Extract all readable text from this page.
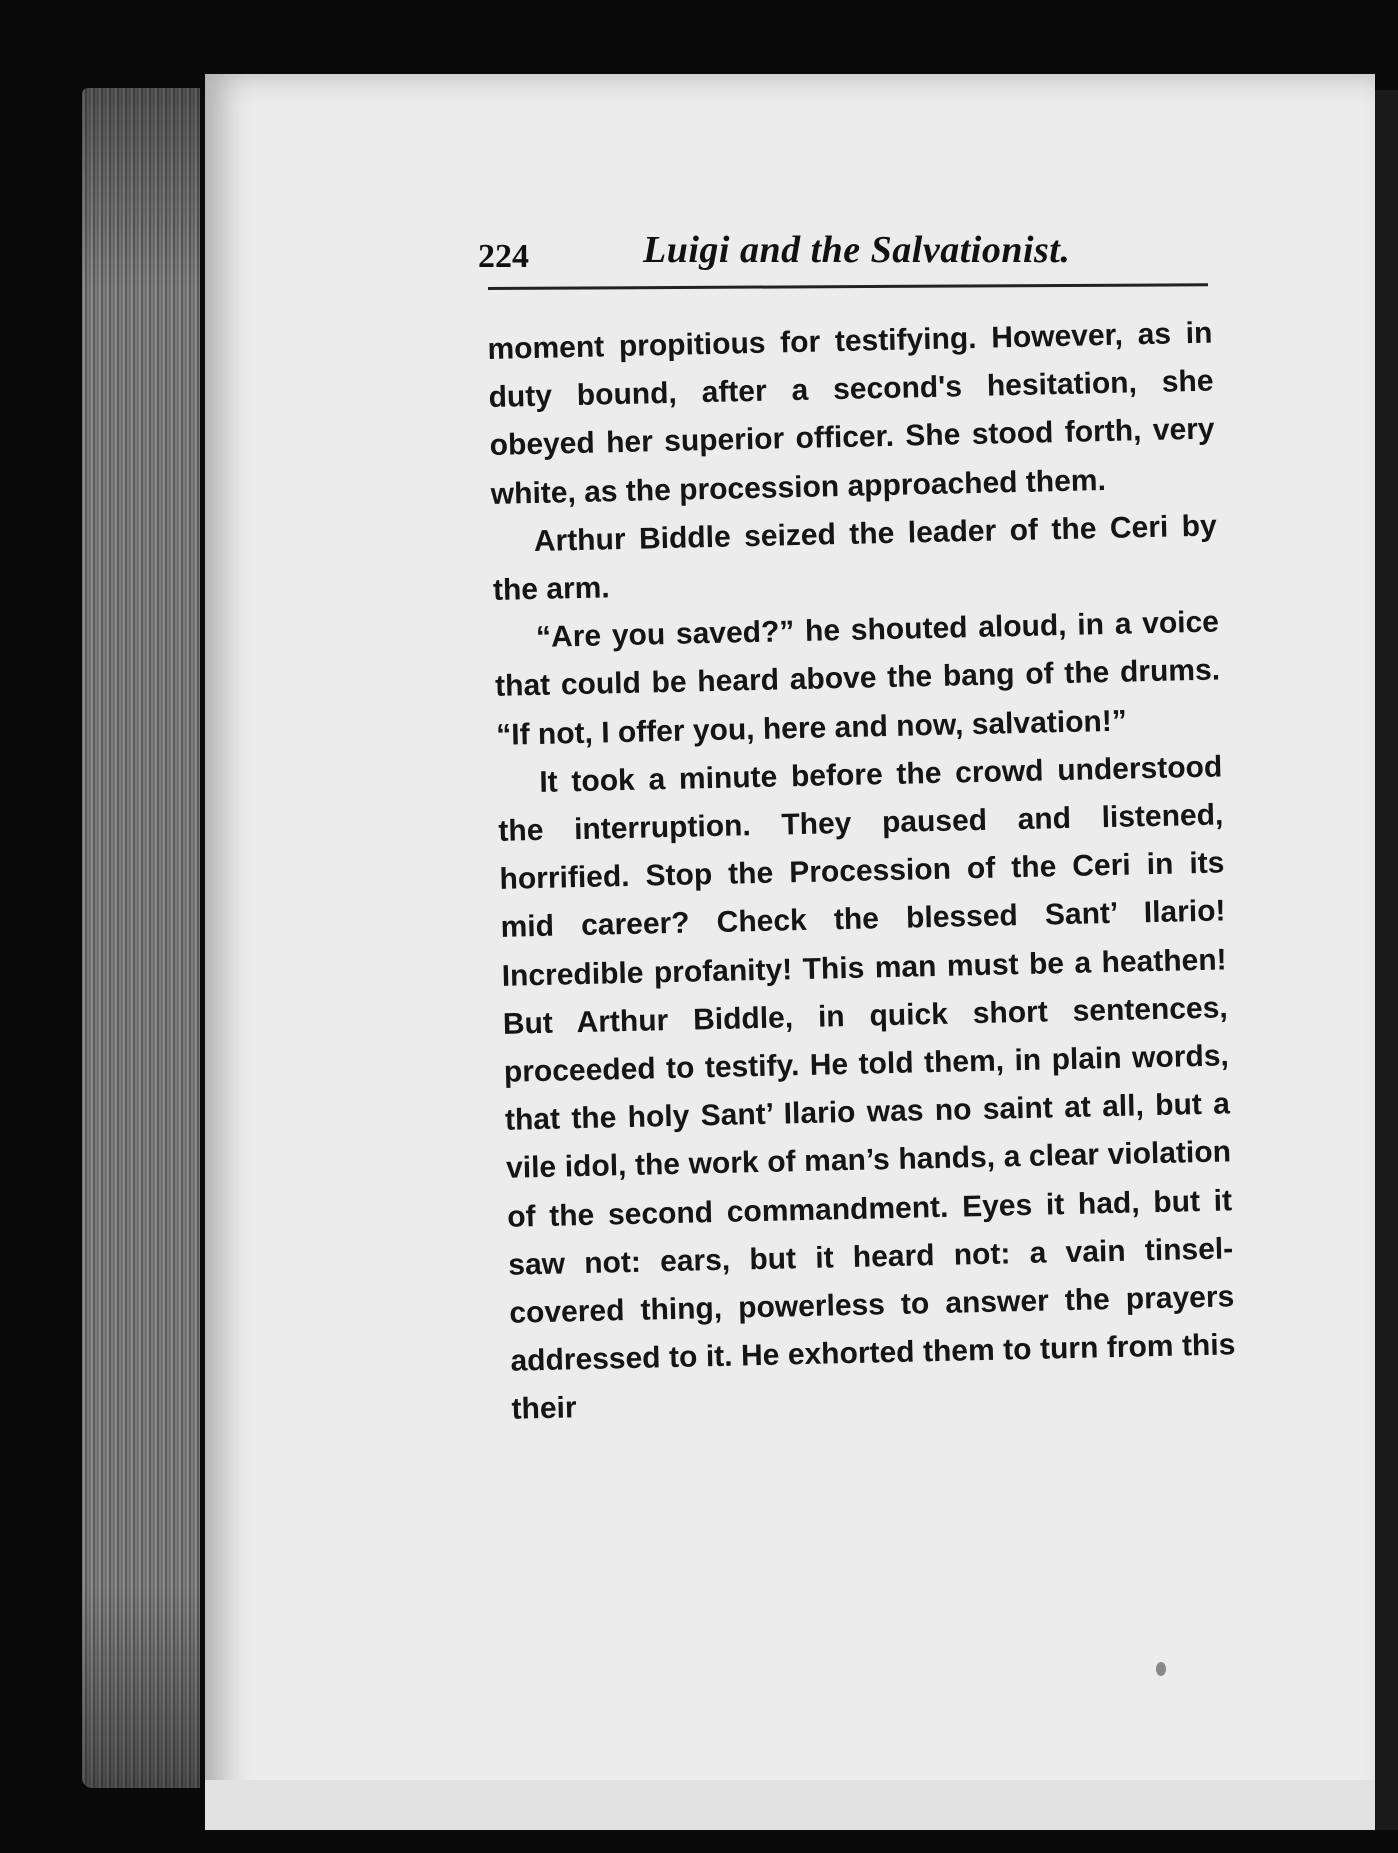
224	Luigi and the Salvationist.

moment propitious for testifying. However, as in duty bound, after a second's hesitation, she obeyed her superior officer. She stood forth, very white, as the procession approached them.

Arthur Biddle seized the leader of the Ceri by the arm.

“Are you saved?” he shouted aloud, in a voice that could be heard above the bang of the drums. “If not, I offer you, here and now, salvation!”

It took a minute before the crowd understood the interruption. They paused and listened, horrified. Stop the Procession of the Ceri in its mid career? Check the blessed Sant’ Ilario! Incredible profanity! This man must be a heathen! But Arthur Biddle, in quick short sentences, proceeded to testify. He told them, in plain words, that the holy Sant’ Ilario was no saint at all, but a vile idol, the work of man’s hands, a clear violation of the second commandment. Eyes it had, but it saw not: ears, but it heard not: a vain tinsel-covered thing, powerless to answer the prayers addressed to it. He exhorted them to turn from this their
